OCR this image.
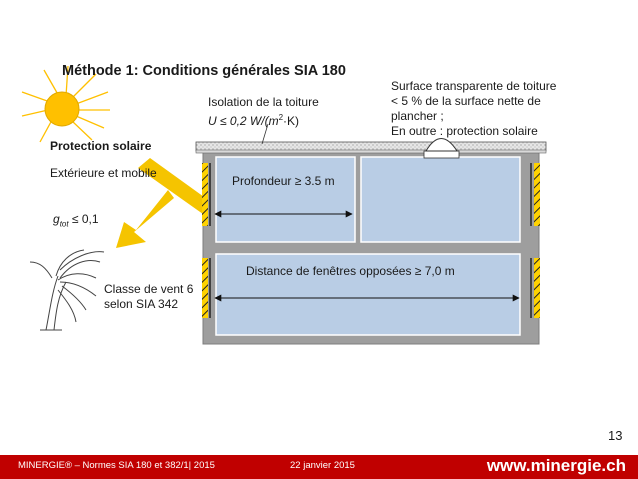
Méthode 1: Conditions générales SIA 180
Isolation de la toiture
U ≤ 0,2 $W/(m^2\cdot K)$
Surface transparente de toiture
< 5 % de la surface nette de
plancher ;
En outre : protection solaire
Protection solaire
Extérieure et mobile
$g_{tot} \le 0,1$
Classe de vent 6
selon SIA 342
Profondeur ≥ 3.5 m
Distance de fenêtres opposées ≥ 7,0 m
13
MINERGIE® – Normes SIA 180 et 382/1| 2015	22 janvier 2015	www.minergie.ch
